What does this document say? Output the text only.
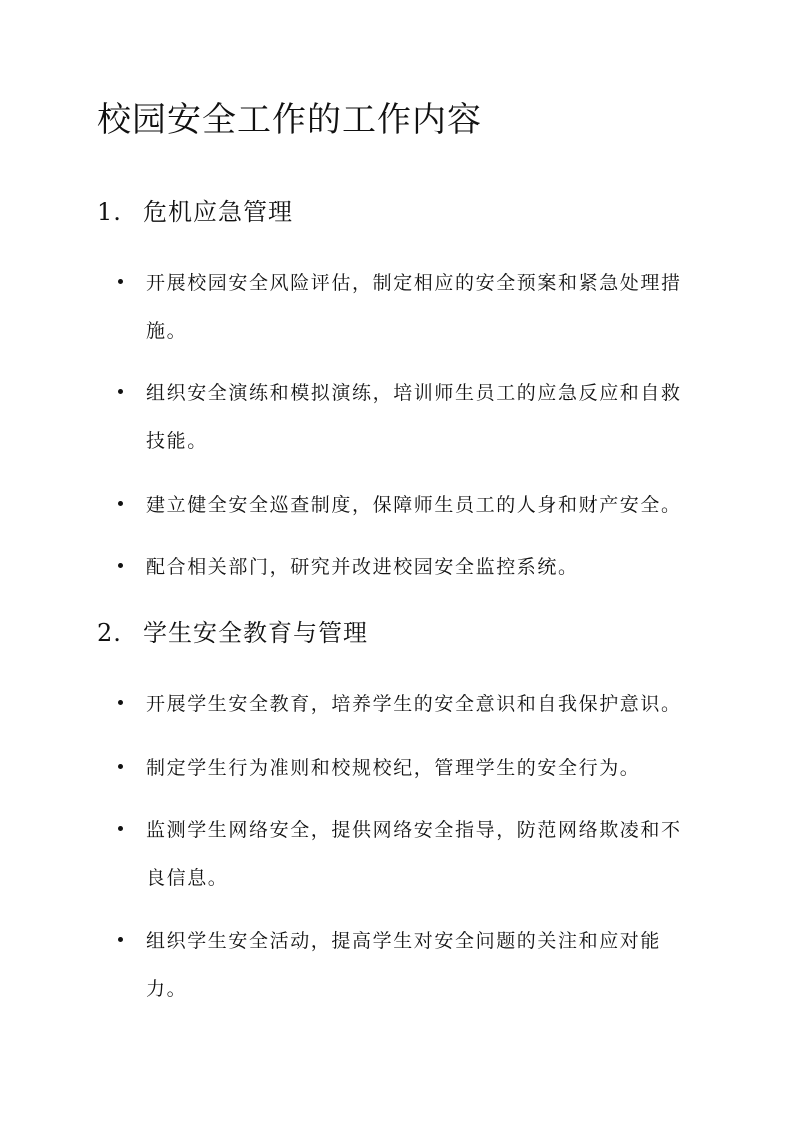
校园安全工作的工作内容
1. 危机应急管理
开展校园安全风险评估，制定相应的安全预案和紧急处理措施。
组织安全演练和模拟演练，培训师生员工的应急反应和自救技能。
建立健全安全巡查制度，保障师生员工的人身和财产安全。
配合相关部门，研究并改进校园安全监控系统。
2. 学生安全教育与管理
开展学生安全教育，培养学生的安全意识和自我保护意识。
制定学生行为准则和校规校纪，管理学生的安全行为。
监测学生网络安全，提供网络安全指导，防范网络欺凌和不良信息。
组织学生安全活动，提高学生对安全问题的关注和应对能力。
